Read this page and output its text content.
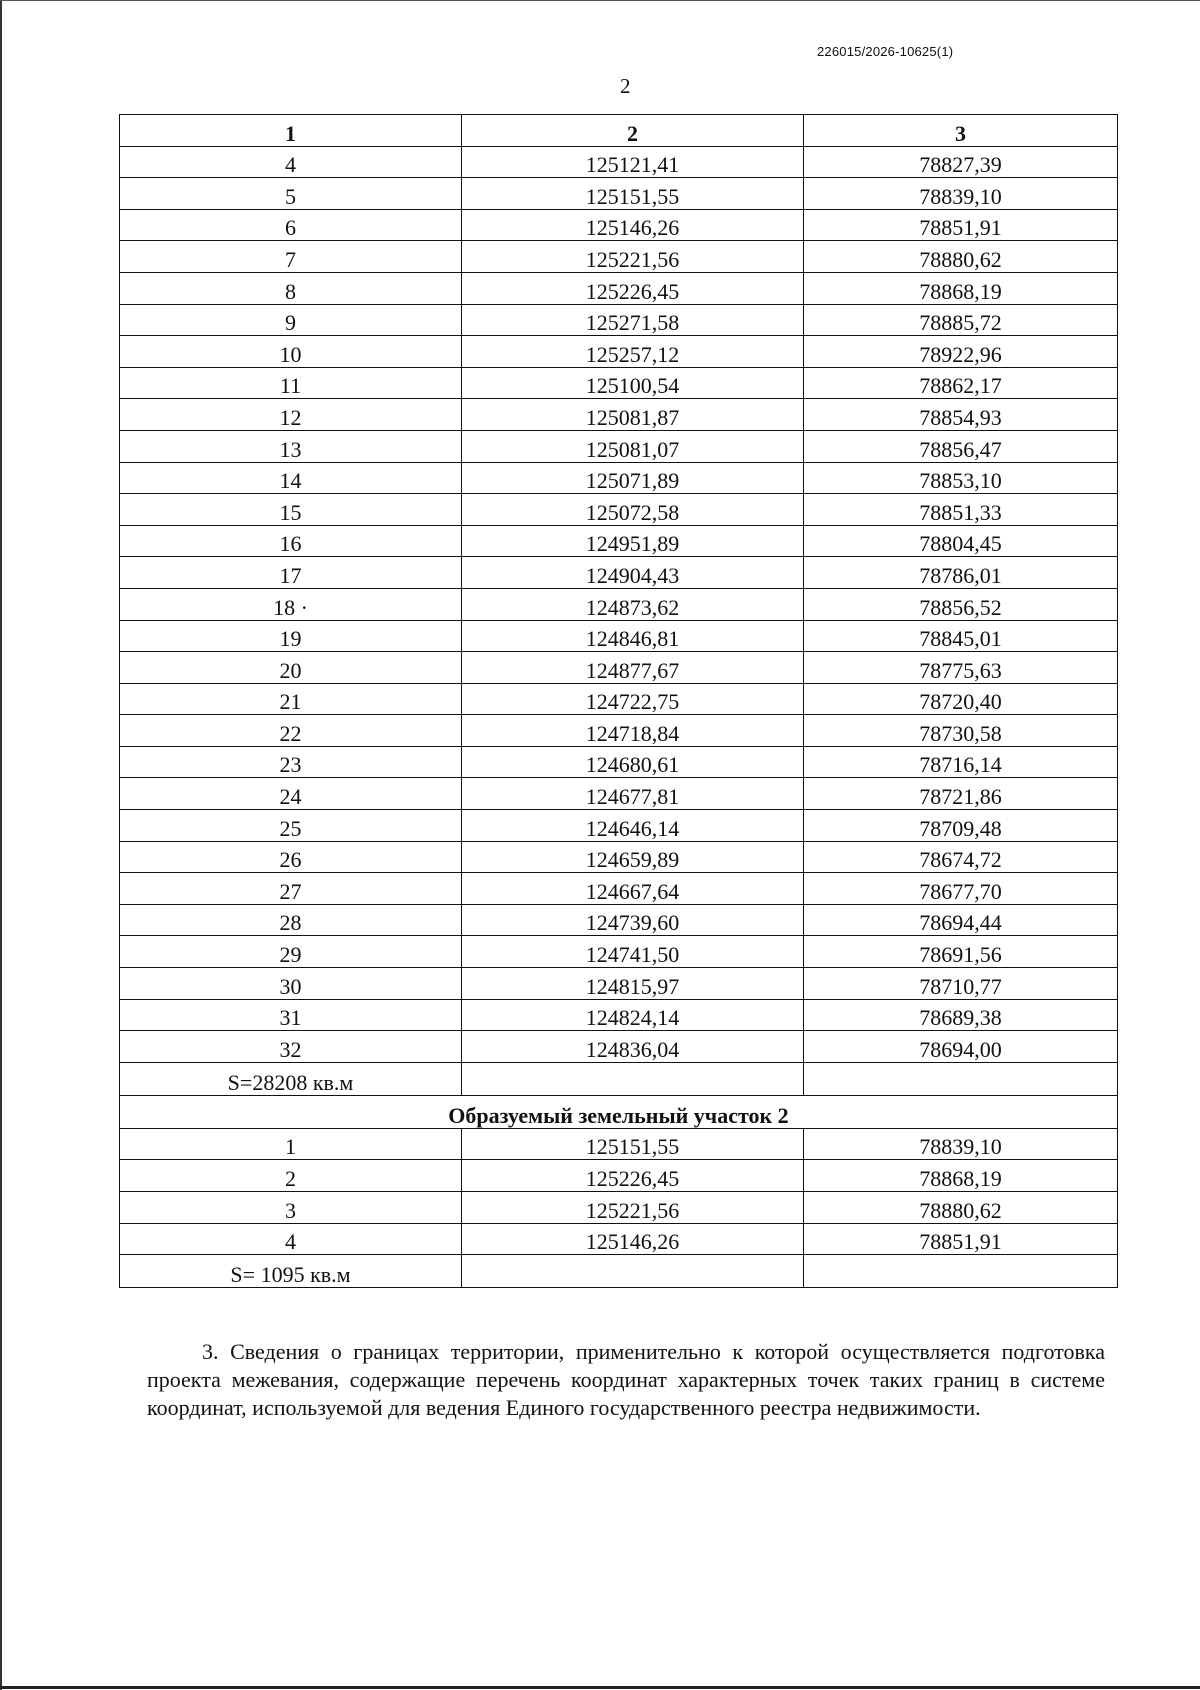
226015/2026-10625(1)
2
1	2	3
4	125121,41	78827,39
5	125151,55	78839,10
6	125146,26	78851,91
7	125221,56	78880,62
8	125226,45	78868,19
9	125271,58	78885,72
10	125257,12	78922,96
11	125100,54	78862,17
12	125081,87	78854,93
13	125081,07	78856,47
14	125071,89	78853,10
15	125072,58	78851,33
16	124951,89	78804,45
17	124904,43	78786,01
18 ·	124873,62	78856,52
19	124846,81	78845,01
20	124877,67	78775,63
21	124722,75	78720,40
22	124718,84	78730,58
23	124680,61	78716,14
24	124677,81	78721,86
25	124646,14	78709,48
26	124659,89	78674,72
27	124667,64	78677,70
28	124739,60	78694,44
29	124741,50	78691,56
30	124815,97	78710,77
31	124824,14	78689,38
32	124836,04	78694,00
S=28208 кв.м		
Образуемый земельный участок 2		
1	125151,55	78839,10
2	125226,45	78868,19
3	125221,56	78880,62
4	125146,26	78851,91
S= 1095 кв.м		

3. Сведения о границах территории, применительно к которой осуществляется подготовка проекта межевания, содержащие перечень координат характерных точек таких границ в системе координат, используемой для ведения Единого государственного реестра недвижимости.
